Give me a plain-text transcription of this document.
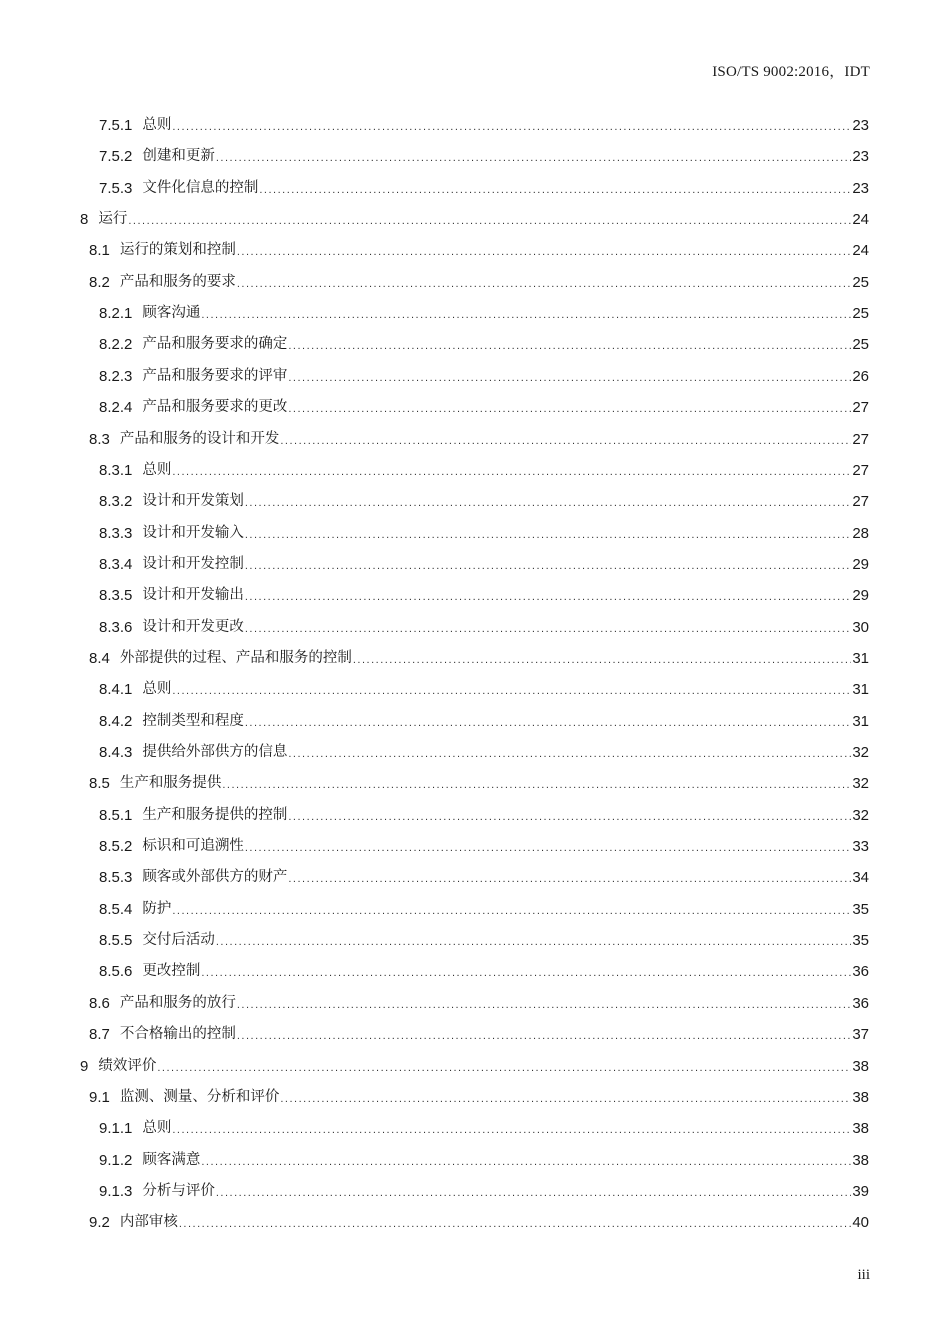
ISO/TS 9002:2016，IDT
7.5.1 总则 .....	23
7.5.2 创建和更新 .....	23
7.5.3 文件化信息的控制 .....	23
8 运行 .....	24
8.1 运行的策划和控制 .....	24
8.2 产品和服务的要求 .....	25
8.2.1 顾客沟通 .....	25
8.2.2 产品和服务要求的确定 .....	25
8.2.3 产品和服务要求的评审 .....	26
8.2.4 产品和服务要求的更改 .....	27
8.3 产品和服务的设计和开发 .....	27
8.3.1 总则 .....	27
8.3.2 设计和开发策划 .....	27
8.3.3 设计和开发输入 .....	28
8.3.4 设计和开发控制 .....	29
8.3.5 设计和开发输出 .....	29
8.3.6 设计和开发更改 .....	30
8.4 外部提供的过程、产品和服务的控制 .....	31
8.4.1 总则 .....	31
8.4.2 控制类型和程度 .....	31
8.4.3 提供给外部供方的信息 .....	32
8.5 生产和服务提供 .....	32
8.5.1 生产和服务提供的控制 .....	32
8.5.2 标识和可追溯性 .....	33
8.5.3 顾客或外部供方的财产 .....	34
8.5.4 防护 .....	35
8.5.5 交付后活动 .....	35
8.5.6 更改控制 .....	36
8.6 产品和服务的放行 .....	36
8.7 不合格输出的控制 .....	37
9 绩效评价 .....	38
9.1 监测、测量、分析和评价 .....	38
9.1.1 总则 .....	38
9.1.2 顾客满意 .....	38
9.1.3 分析与评价 .....	39
9.2 内部审核 .....	40
iii
